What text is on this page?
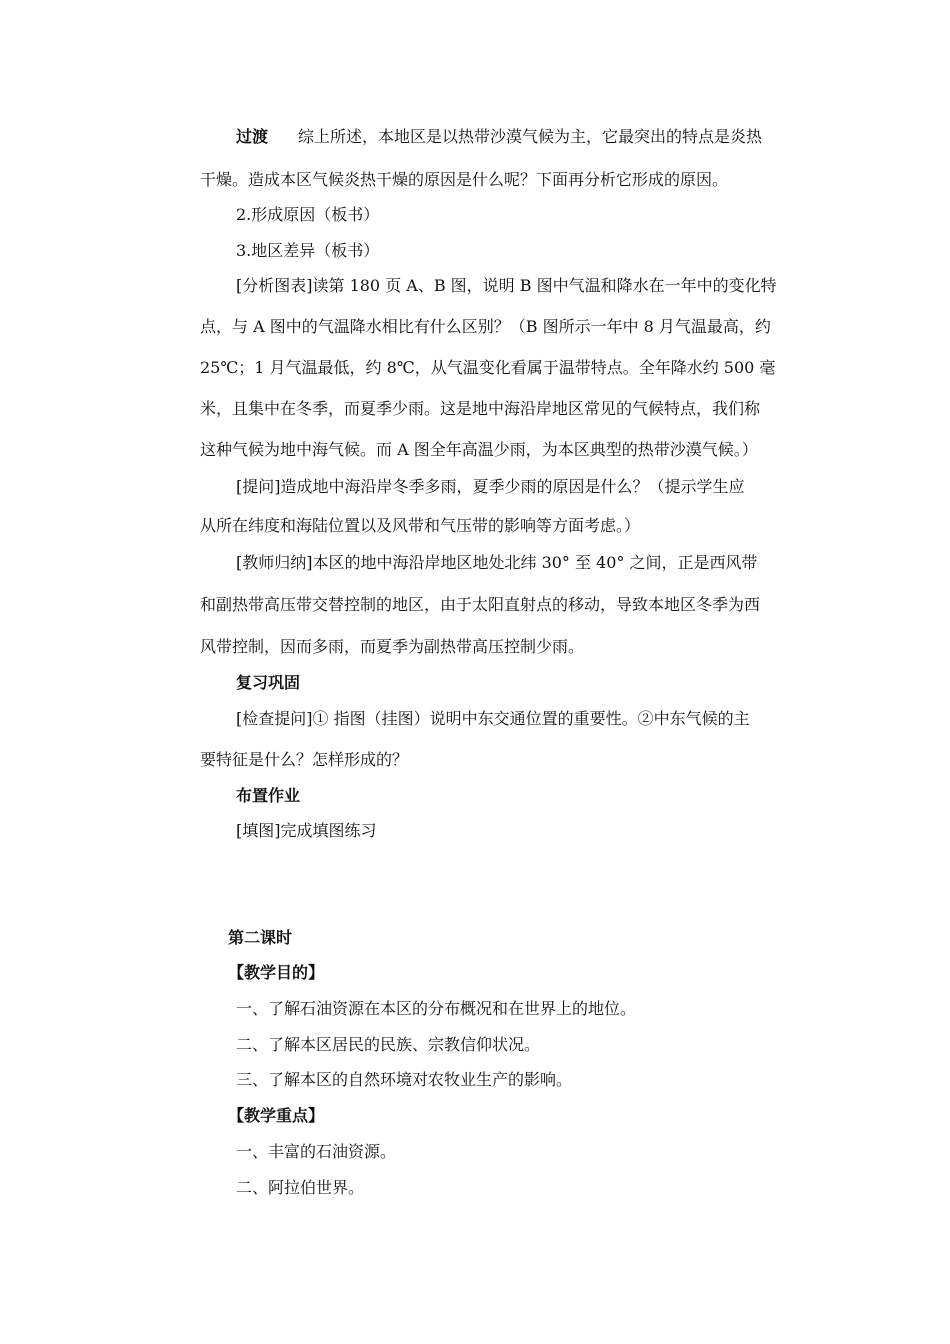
过渡 综上所述，本地区是以热带沙漠气候为主，它最突出的特点是炎热
干燥。造成本区气候炎热干燥的原因是什么呢？下面再分析它形成的原因。
2.形成原因（板书）
3.地区差异（板书）
[分析图表]读第 180 页 A、B 图，说明 B 图中气温和降水在一年中的变化特
点，与 A 图中的气温降水相比有什么区别？（B 图所示一年中 8 月气温最高，约
25℃；1 月气温最低，约 8℃，从气温变化看属于温带特点。全年降水约 500 毫
米，且集中在冬季，而夏季少雨。这是地中海沿岸地区常见的气候特点，我们称
这种气候为地中海气候。而 A 图全年高温少雨，为本区典型的热带沙漠气候。）
[提问]造成地中海沿岸冬季多雨，夏季少雨的原因是什么？（提示学生应
从所在纬度和海陆位置以及风带和气压带的影响等方面考虑。）
[教师归纳]本区的地中海沿岸地区地处北纬 30° 至 40° 之间，正是西风带
和副热带高压带交替控制的地区，由于太阳直射点的移动，导致本地区冬季为西
风带控制，因而多雨，而夏季为副热带高压控制少雨。
复习巩固
[检查提问]① 指图（挂图）说明中东交通位置的重要性。②中东气候的主
要特征是什么？怎样形成的？
布置作业
[填图]完成填图练习
第二课时
【教学目的】
一、了解石油资源在本区的分布概况和在世界上的地位。
二、了解本区居民的民族、宗教信仰状况。
三、了解本区的自然环境对农牧业生产的影响。
【教学重点】
一、丰富的石油资源。
二、阿拉伯世界。
